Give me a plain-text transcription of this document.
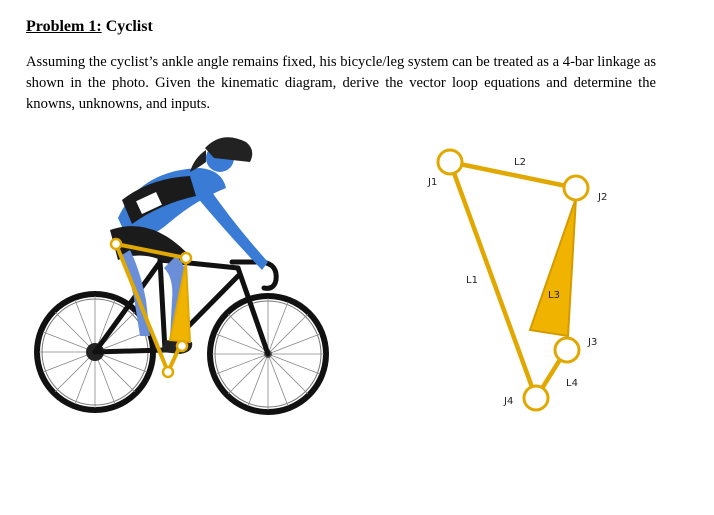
Problem 1: Cyclist
Assuming the cyclist’s ankle angle remains fixed, his bicycle/leg system can be treated as a 4-bar linkage as shown in the photo. Given the kinematic diagram, derive the vector loop equations and determine the knowns, unknowns, and inputs.
J1
L2
J2
L1
L3
J3
L4
J4
